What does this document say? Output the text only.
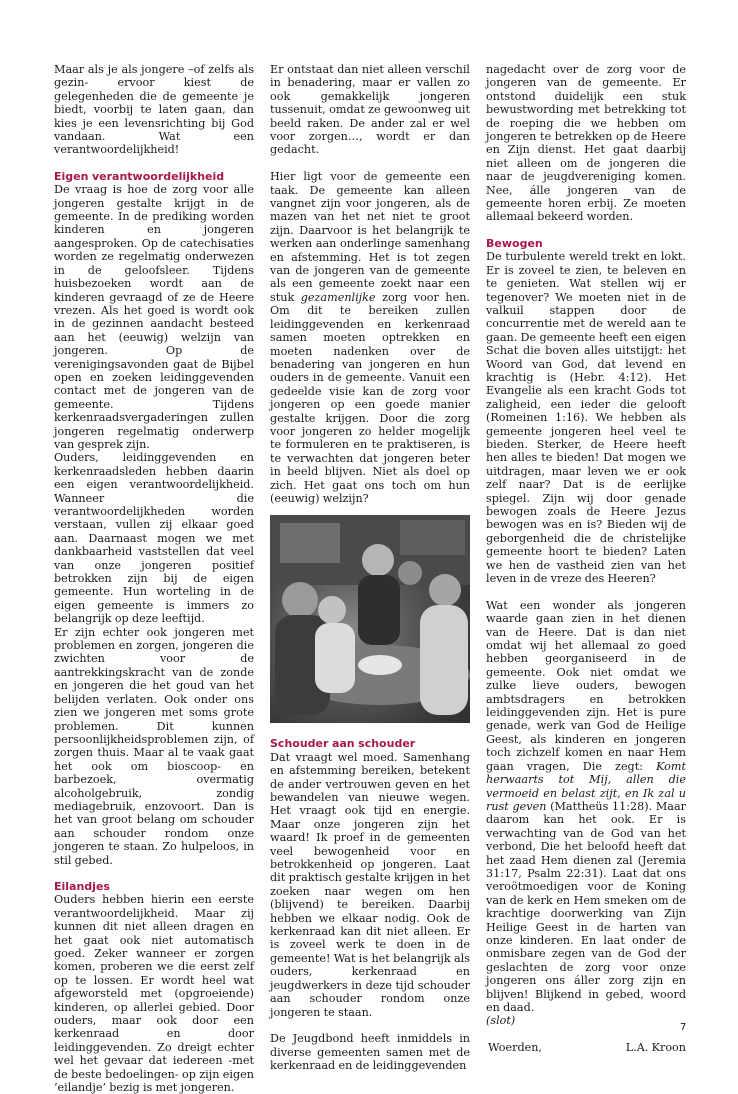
Maar als je als jongere –of zelfs als gezin- ervoor kiest de gelegenheden die de gemeente je biedt, voorbij te laten gaan, dan kies je een levensrichting bij God vandaan. Wat een verantwoordelijkheid!

Eigen verantwoordelijkheid

De vraag is hoe de zorg voor alle jongeren gestalte krijgt in de gemeente. In de prediking worden kinderen en jongeren aangesproken. Op de catechisaties worden ze regelmatig onderwezen in de geloofsleer. Tijdens huisbezoeken wordt aan de kinderen gevraagd of ze de Heere vrezen. Als het goed is wordt ook in de gezinnen aandacht besteed aan het (eeuwig) welzijn van jongeren. Op de verenigingsavonden gaat de Bijbel open en zoeken leidinggevenden contact met de jongeren van de gemeente. Tijdens kerkenraadsvergaderingen zullen jongeren regelmatig onderwerp van gesprek zijn.

Ouders, leidinggevenden en kerkenraadsleden hebben daarin een eigen verantwoordelijkheid. Wanneer die verantwoordelijkheden worden verstaan, vullen zij elkaar goed aan. Daarnaast mogen we met dankbaarheid vaststellen dat veel van onze jongeren positief betrokken zijn bij de eigen gemeente. Hun worteling in de eigen gemeente is immers zo belangrijk op deze leeftijd.

Er zijn echter ook jongeren met problemen en zorgen, jongeren die zwichten voor de aantrekkingskracht van de zonde en jongeren die het goud van het belijden verlaten. Ook onder ons zien we jongeren met soms grote problemen. Dit kunnen persoonlijkheidsproblemen zijn, of zorgen thuis. Maar al te vaak gaat het ook om bioscoop- en barbezoek, overmatig alcoholgebruik, zondig mediagebruik, enzovoort. Dan is het van groot belang om schouder aan schouder rondom onze jongeren te staan. Zo hulpeloos, in stil gebed.

Eilandjes

Ouders hebben hierin een eerste verantwoordelijkheid. Maar zij kunnen dit niet alleen dragen en het gaat ook niet automatisch goed. Zeker wanneer er zorgen komen, proberen we die eerst zelf op te lossen. Er wordt heel wat afgeworsteld met (opgroeiende) kinderen, op allerlei gebied. Door ouders, maar ook door een kerkenraad en door leidinggevenden. Zo dreigt echter wel het gevaar dat iedereen -met de beste bedoelingen- op zijn eigen ‘eilandje’ bezig is met jongeren.

Er ontstaat dan niet alleen verschil in benadering, maar er vallen zo ook gemakkelijk jongeren tussenuit, omdat ze gewoonweg uit beeld raken. De ander zal er wel voor zorgen…, wordt er dan gedacht.

Hier ligt voor de gemeente een taak. De gemeente kan alleen vangnet zijn voor jongeren, als de mazen van het net niet te groot zijn. Daarvoor is het belangrijk te werken aan onderlinge samenhang en afstemming. Het is tot zegen van de jongeren van de gemeente als een gemeente zoekt naar een stuk gezamenlijke zorg voor hen. Om dit te bereiken zullen leidinggevenden en kerkenraad samen moeten optrekken en moeten nadenken over de benadering van jongeren en hun ouders in de gemeente. Vanuit een gedeelde visie kan de zorg voor jongeren op een goede manier gestalte krijgen. Door die zorg voor jongeren zo helder mogelijk te formuleren en te praktiseren, is te verwachten dat jongeren beter in beeld blijven. Niet als doel op zich. Het gaat ons toch om hun (eeuwig) welzijn?

Schouder aan schouder

Dat vraagt wel moed. Samenhang en afstemming bereiken, betekent de ander vertrouwen geven en het bewandelen van nieuwe wegen. Het vraagt ook tijd en energie. Maar onze jongeren zijn het waard! Ik proef in de gemeenten veel bewogenheid voor en betrokkenheid op jongeren. Laat dit praktisch gestalte krijgen in het zoeken naar wegen om hen (blijvend) te bereiken. Daarbij hebben we elkaar nodig. Ook de kerkenraad kan dit niet alleen. Er is zoveel werk te doen in de gemeente! Wat is het belangrijk als ouders, kerkenraad en jeugdwerkers in deze tijd schouder aan schouder rondom onze jongeren te staan.

De Jeugdbond heeft inmiddels in diverse gemeenten samen met de kerkenraad en de leidinggevenden

nagedacht over de zorg voor de jongeren van de gemeente. Er ontstond duidelijk een stuk bewustwording met betrekking tot de roeping die we hebben om jongeren te betrekken op de Heere en Zijn dienst. Het gaat daarbij niet alleen om de jongeren die naar de jeugdvereniging komen. Nee, álle jongeren van de gemeente horen erbij. Ze moeten allemaal bekeerd worden.

Bewogen

De turbulente wereld trekt en lokt. Er is zoveel te zien, te beleven en te genieten. Wat stellen wij er tegenover? We moeten niet in de valkuil stappen door de concurrentie met de wereld aan te gaan. De gemeente heeft een eigen Schat die boven alles uitstijgt: het Woord van God, dat levend en krachtig is (Hebr. 4:12). Het Evangelie als een kracht Gods tot zaligheid, een ieder die gelooft (Romeinen 1:16). We hebben als gemeente jongeren heel veel te bieden. Sterker, de Heere heeft hen alles te bieden! Dat mogen we uitdragen, maar leven we er ook zelf naar? Dat is de eerlijke spiegel. Zijn wij door genade bewogen zoals de Heere Jezus bewogen was en is? Bieden wij de geborgenheid die de christelijke gemeente hoort te bieden? Laten we hen de vastheid zien van het leven in de vreze des Heeren?

Wat een wonder als jongeren waarde gaan zien in het dienen van de Heere. Dat is dan niet omdat wij het allemaal zo goed hebben georganiseerd in de gemeente. Ook niet omdat we zulke lieve ouders, bewogen ambtsdragers en betrokken leidinggevenden zijn. Het is pure genade, werk van God de Heilige Geest, als kinderen en jongeren toch zichzelf komen en naar Hem gaan vragen, Die zegt: Komt herwaarts tot Mij, allen die vermoeid en belast zijt, en Ik zal u rust geven (Mattheüs 11:28). Maar daarom kan het ook. Er is verwachting van de God van het verbond, Die het beloofd heeft dat het zaad Hem dienen zal (Jeremia 31:17, Psalm 22:31). Laat dat ons veroötmoedigen voor de Koning van de kerk en Hem smeken om de krachtige doorwerking van Zijn Heilige Geest in de harten van onze kinderen. En laat onder de onmisbare zegen van de God der geslachten de zorg voor onze jongeren ons áller zorg zijn en blijven! Blijkend in gebed, woord en daad.

(slot)

Woerden,	L.A. Kroon
7
